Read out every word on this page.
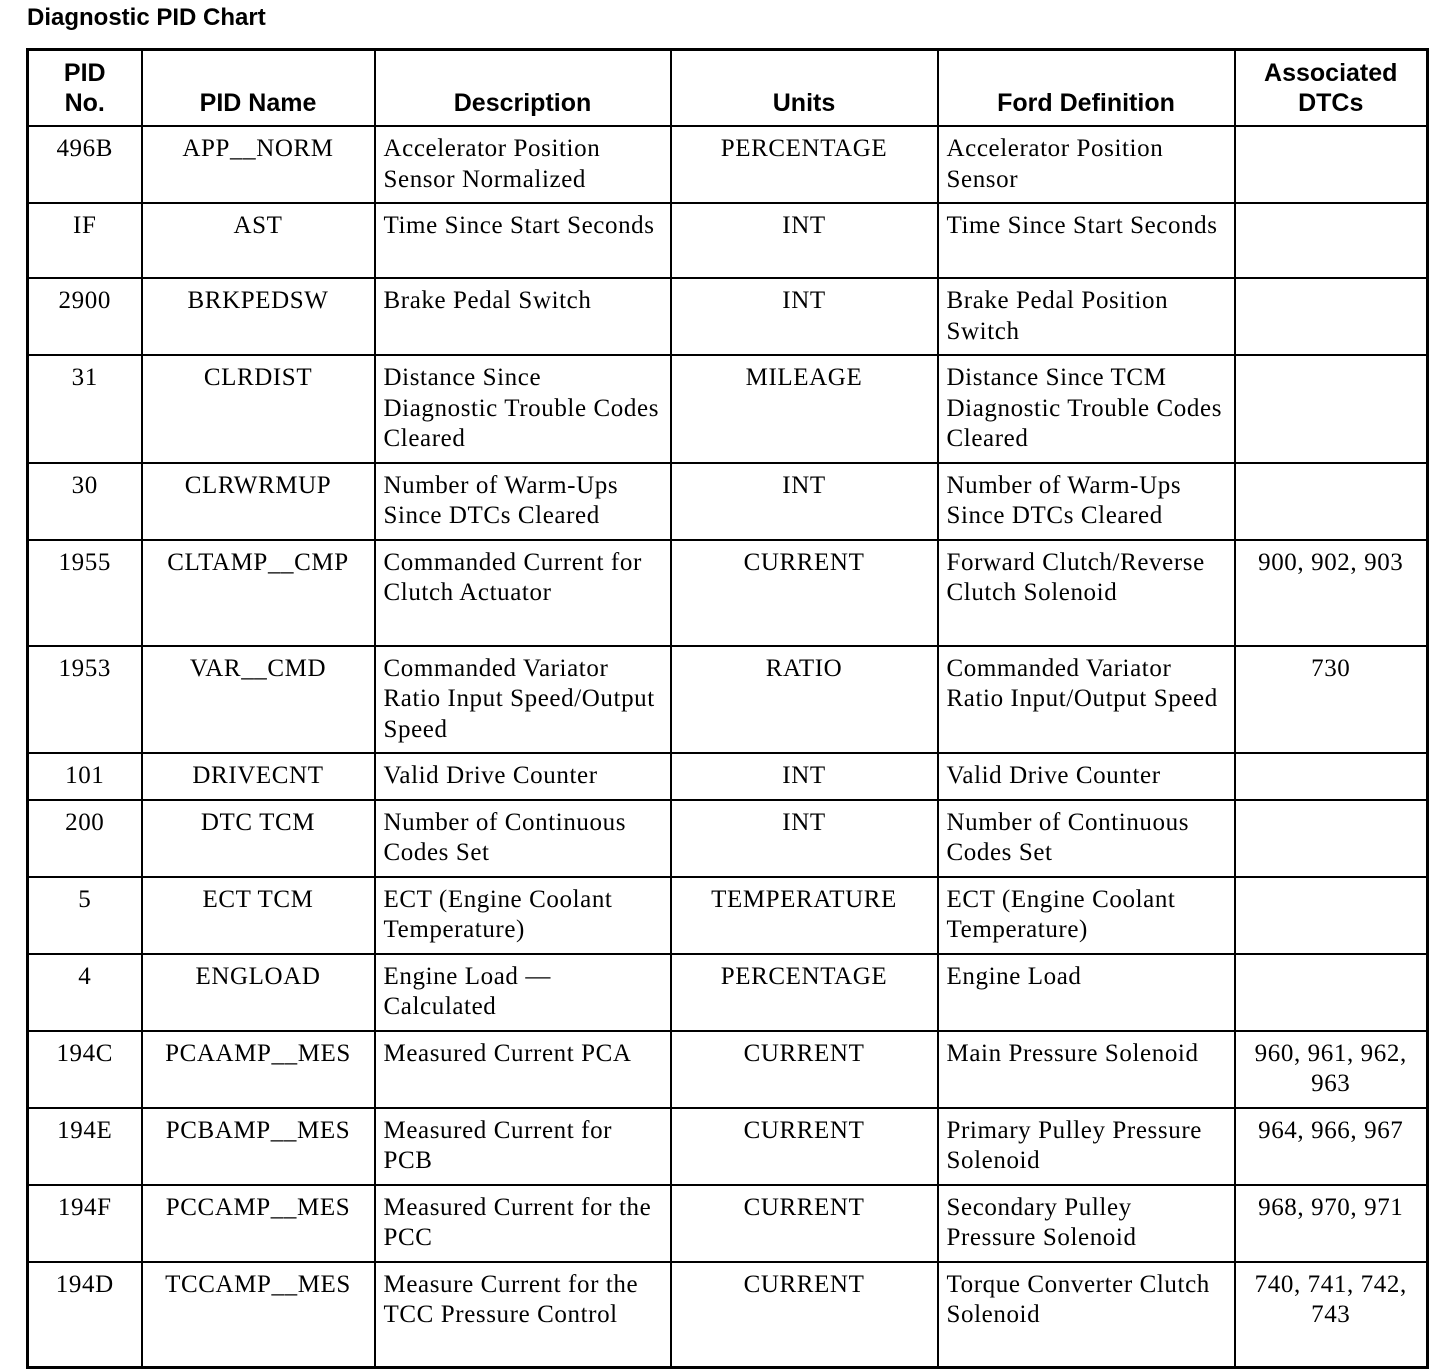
Diagnostic PID Chart
PID No.	PID Name	Description	Units	Ford Definition	Associated DTCs
496B	APP__NORM	Accelerator Position Sensor Normalized	PERCENTAGE	Accelerator Position Sensor	
IF	AST	Time Since Start Seconds	INT	Time Since Start Seconds	
2900	BRKPEDSW	Brake Pedal Switch	INT	Brake Pedal Position Switch	
31	CLRDIST	Distance Since Diagnostic Trouble Codes Cleared	MILEAGE	Distance Since TCM Diagnostic Trouble Codes Cleared	
30	CLRWRMUP	Number of Warm-Ups Since DTCs Cleared	INT	Number of Warm-Ups Since DTCs Cleared	
1955	CLTAMP__CMP	Commanded Current for Clutch Actuator	CURRENT	Forward Clutch/Reverse Clutch Solenoid	900, 902, 903
1953	VAR__CMD	Commanded Variator Ratio Input Speed/Output Speed	RATIO	Commanded Variator Ratio Input/Output Speed	730
101	DRIVECNT	Valid Drive Counter	INT	Valid Drive Counter	
200	DTC TCM	Number of Continuous Codes Set	INT	Number of Continuous Codes Set	
5	ECT TCM	ECT (Engine Coolant Temperature)	TEMPERATURE	ECT (Engine Coolant Temperature)	
4	ENGLOAD	Engine Load — Calculated	PERCENTAGE	Engine Load	
194C	PCAAMP__MES	Measured Current PCA	CURRENT	Main Pressure Solenoid	960, 961, 962, 963
194E	PCBAMP__MES	Measured Current for PCB	CURRENT	Primary Pulley Pressure Solenoid	964, 966, 967
194F	PCCAMP__MES	Measured Current for the PCC	CURRENT	Secondary Pulley Pressure Solenoid	968, 970, 971
194D	TCCAMP__MES	Measure Current for the TCC Pressure Control	CURRENT	Torque Converter Clutch Solenoid	740, 741, 742, 743
